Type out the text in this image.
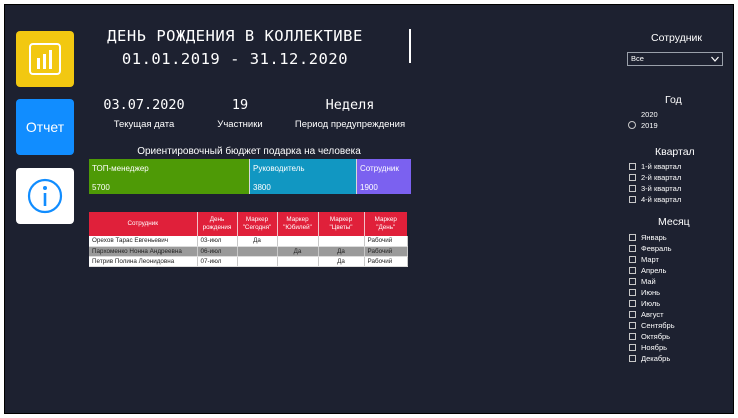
Отчет
ДЕНЬ РОЖДЕНИЯ В КОЛЛЕКТИВЕ
01.01.2019 - 31.12.2020
03.07.2020
Текущая дата
19
Участники
Неделя
Период предупреждения
Ориентировочный бюджет подарка на человека
ТОП-менеджер
5700
Руководитель
3800
Сотрудник
1900
Сотрудник	День рождения	Маркер "Сегодня"	Маркер "Юбилей"	Маркер "Цветы"	Маркер "День"
Орехов Тарас Евгеньевич	03-июл	Да			Рабочий
Пархоменко Нонна Андреевна	06-июл		Да	Да	Рабочий
Петрив Полина Леонидовна	07-июл			Да	Рабочий
Сотрудник
Все
Год
2020
2019
Квартал
1-й квартал
2-й квартал
3-й квартал
4-й квартал
Месяц
Январь
Февраль
Март
Апрель
Май
Июнь
Июль
Август
Сентябрь
Октябрь
Ноябрь
Декабрь
